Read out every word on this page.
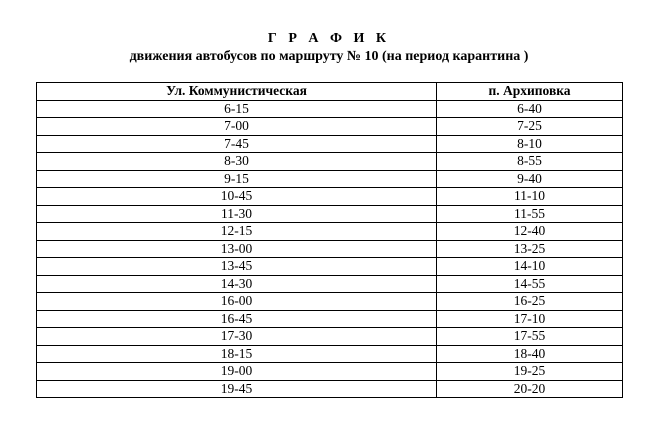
Г Р А Ф И К
движения автобусов по маршруту № 10 (на период карантина )
Ул. Коммунистическая	п. Архиповка
6-15	6-40
7-00	7-25
7-45	8-10
8-30	8-55
9-15	9-40
10-45	11-10
11-30	11-55
12-15	12-40
13-00	13-25
13-45	14-10
14-30	14-55
16-00	16-25
16-45	17-10
17-30	17-55
18-15	18-40
19-00	19-25
19-45	20-20
